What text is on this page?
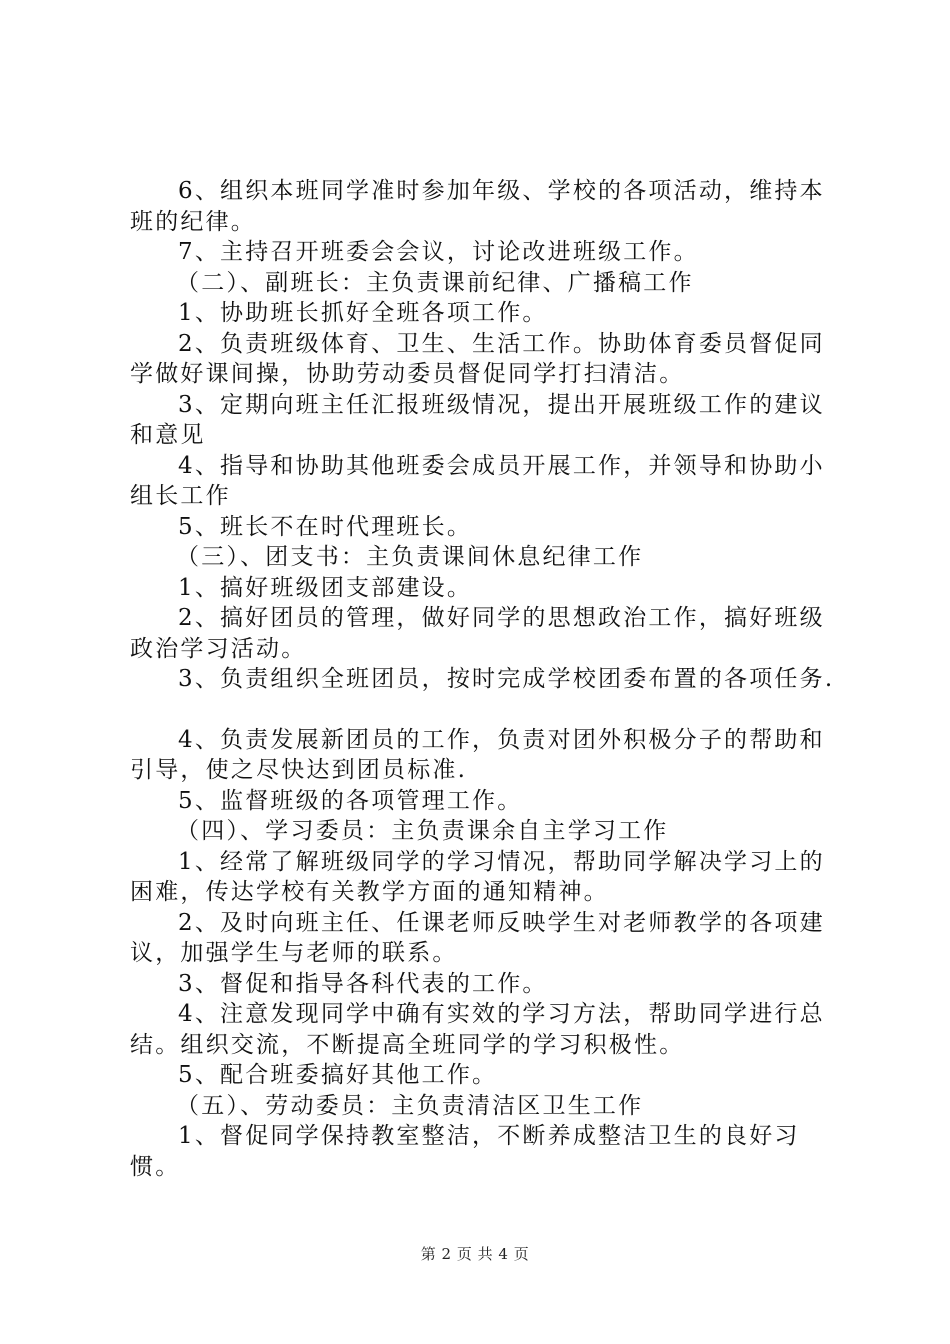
6、组织本班同学准时参加年级、学校的各项活动，维持本班的纪律。

7、主持召开班委会会议，讨论改进班级工作。

（二）、副班长：主负责课前纪律、广播稿工作

1、协助班长抓好全班各项工作。

2、负责班级体育、卫生、生活工作。协助体育委员督促同学做好课间操，协助劳动委员督促同学打扫清洁。

3、定期向班主任汇报班级情况，提出开展班级工作的建议和意见

4、指导和协助其他班委会成员开展工作，并领导和协助小组长工作

5、班长不在时代理班长。

（三）、团支书：主负责课间休息纪律工作

1、搞好班级团支部建设。

2、搞好团员的管理，做好同学的思想政治工作，搞好班级政治学习活动。

3、负责组织全班团员，按时完成学校团委布置的各项任务.

4、负责发展新团员的工作，负责对团外积极分子的帮助和引导，使之尽快达到团员标准.

5、监督班级的各项管理工作。

（四）、学习委员：主负责课余自主学习工作

1、经常了解班级同学的学习情况，帮助同学解决学习上的困难，传达学校有关教学方面的通知精神。

2、及时向班主任、任课老师反映学生对老师教学的各项建议，加强学生与老师的联系。

3、督促和指导各科代表的工作。

4、注意发现同学中确有实效的学习方法，帮助同学进行总结。组织交流，不断提高全班同学的学习积极性。

5、配合班委搞好其他工作。

（五）、劳动委员：主负责清洁区卫生工作

1、督促同学保持教室整洁，不断养成整洁卫生的良好习惯。

第 2 页 共 4 页
